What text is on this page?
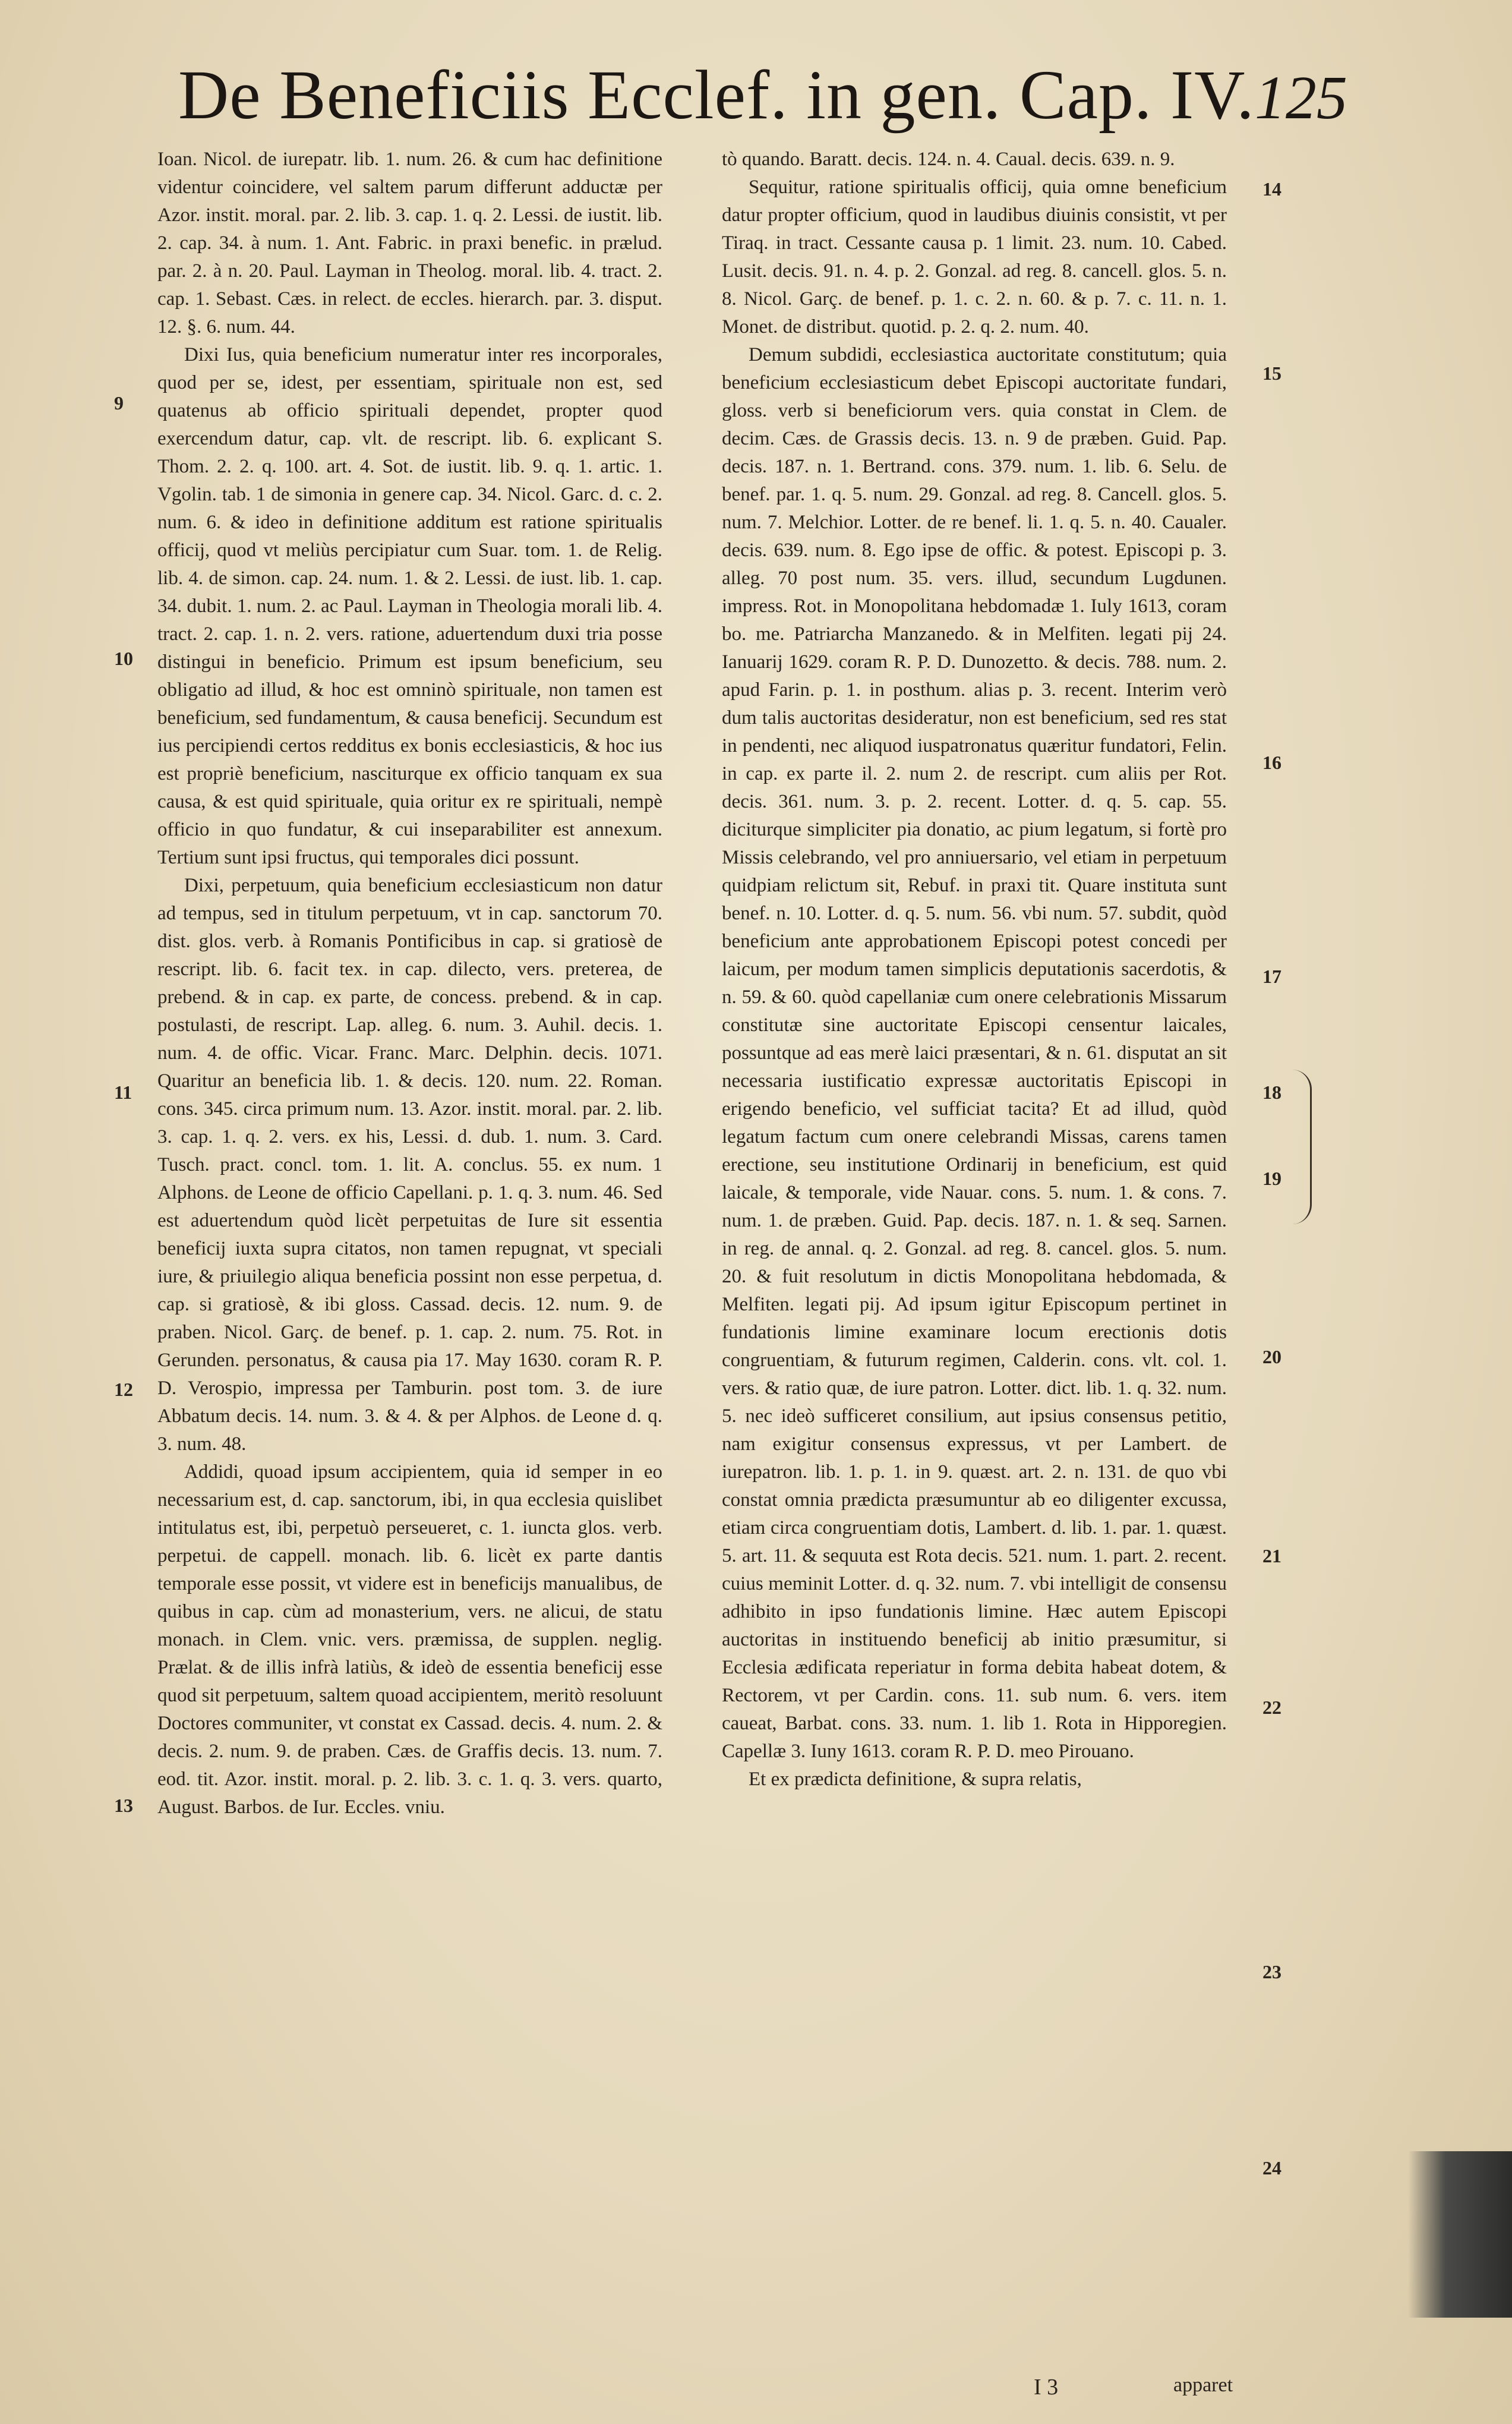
De Beneficiis Ecclef. in gen. Cap. IV. 125

Ioan. Nicol. de iurepatr. lib. 1. num. 26. & cum hac definitione videntur coincidere, vel saltem parum differunt adductæ per Azor. instit. moral. par. 2. lib. 3. cap. 1. q. 2. Lessi. de iustit. lib. 2. cap. 34. à num. 1. Ant. Fabric. in praxi benefic. in prælud. par. 2. à n. 20. Paul. Layman in Theolog. moral. lib. 4. tract. 2. cap. 1. Sebast. Cæs. in relect. de eccles. hierarch. par. 3. disput. 12. §. 6. num. 44.

Dixi Ius, quia beneficium numeratur inter res incorporales, quod per se, idest, per essentiam, spirituale non est, sed quatenus ab officio spirituali dependet, propter quod exercendum datur, cap. vlt. de rescript. lib. 6. explicant S. Thom. 2. 2. q. 100. art. 4. Sot. de iustit. lib. 9. q. 1. artic. 1. Vgolin. tab. 1 de simonia in genere cap. 34. Nicol. Garc. d. c. 2. num. 6. & ideo in definitione additum est ratione spiritualis officij, quod vt meliùs percipiatur cum Suar. tom. 1. de Relig. lib. 4. de simon. cap. 24. num. 1. & 2. Lessi. de iust. lib. 1. cap. 34. dubit. 1. num. 2. ac Paul. Layman in Theologia morali lib. 4. tract. 2. cap. 1. n. 2. vers. ratione, aduertendum duxi tria posse distingui in beneficio. Primum est ipsum beneficium, seu obligatio ad illud, & hoc est omninò spirituale, non tamen est beneficium, sed fundamentum, & causa beneficij. Secundum est ius percipiendi certos redditus ex bonis ecclesiasticis, & hoc ius est propriè beneficium, nasciturque ex officio tanquam ex sua causa, & est quid spirituale, quia oritur ex re spirituali, nempè officio in quo fundatur, & cui inseparabiliter est annexum. Tertium sunt ipsi fructus, qui temporales dici possunt.

Dixi, perpetuum, quia beneficium ecclesiasticum non datur ad tempus, sed in titulum perpetuum, vt in cap. sanctorum 70. dist. glos. verb. à Romanis Pontificibus in cap. si gratiosè de rescript. lib. 6. facit tex. in cap. dilecto, vers. preterea, de prebend. & in cap. ex parte, de concess. prebend. & in cap. postulasti, de rescript. Lap. alleg. 6. num. 3. Auhil. decis. 1. num. 4. de offic. Vicar. Franc. Marc. Delphin. decis. 1071. Quaritur an beneficia lib. 1. & decis. 120. num. 22. Roman. cons. 345. circa primum num. 13. Azor. instit. moral. par. 2. lib. 3. cap. 1. q. 2. vers. ex his, Lessi. d. dub. 1. num. 3. Card. Tusch. pract. concl. tom. 1. lit. A. conclus. 55. ex num. 1 Alphons. de Leone de officio Capellani. p. 1. q. 3. num. 46. Sed est aduertendum quòd licèt perpetuitas de Iure sit essentia beneficij iuxta supra citatos, non tamen repugnat, vt speciali iure, & priuilegio aliqua beneficia possint non esse perpetua, d. cap. si gratiosè, & ibi gloss. Cassad. decis. 12. num. 9. de praben. Nicol. Garç. de benef. p. 1. cap. 2. num. 75. Rot. in Gerunden. personatus, & causa pia 17. May 1630. coram R. P. D. Verospio, impressa per Tamburin. post tom. 3. de iure Abbatum decis. 14. num. 3. & 4. & per Alphos. de Leone d. q. 3. num. 48.

Addidi, quoad ipsum accipientem, quia id semper in eo necessarium est, d. cap. sanctorum, ibi, in qua ecclesia quislibet intitulatus est, ibi, perpetuò perseueret, c. 1. iuncta glos. verb. perpetui. de cappell. monach. lib. 6. licèt ex parte dantis temporale esse possit, vt videre est in beneficijs manualibus, de quibus in cap. cùm ad monasterium, vers. ne alicui, de statu monach. in Clem. vnic. vers. præmissa, de supplen. neglig. Prælat. & de illis infrà latiùs, & ideò de essentia beneficij esse quod sit perpetuum, saltem quoad accipientem, meritò resoluunt Doctores communiter, vt constat ex Cassad. decis. 4. num. 2. & decis. 2. num. 9. de praben. Cæs. de Graffis decis. 13. num. 7. eod. tit. Azor. instit. moral. p. 2. lib. 3. c. 1. q. 3. vers. quarto, August. Barbos. de Iur. Eccles. vniu.

tò quando. Baratt. decis. 124. n. 4. Caual. decis. 639. n. 9.

Sequitur, ratione spiritualis officij, quia omne beneficium datur propter officium, quod in laudibus diuinis consistit, vt per Tiraq. in tract. Cessante causa p. 1 limit. 23. num. 10. Cabed. Lusit. decis. 91. n. 4. p. 2. Gonzal. ad reg. 8. cancell. glos. 5. n. 8. Nicol. Garç. de benef. p. 1. c. 2. n. 60. & p. 7. c. 11. n. 1. Monet. de distribut. quotid. p. 2. q. 2. num. 40.

Demum subdidi, ecclesiastica auctoritate constitutum; quia beneficium ecclesiasticum debet Episcopi auctoritate fundari, gloss. verb si beneficiorum vers. quia constat in Clem. de decim. Cæs. de Grassis decis. 13. n. 9 de præben. Guid. Pap. decis. 187. n. 1. Bertrand. cons. 379. num. 1. lib. 6. Selu. de benef. par. 1. q. 5. num. 29. Gonzal. ad reg. 8. Cancell. glos. 5. num. 7. Melchior. Lotter. de re benef. li. 1. q. 5. n. 40. Caualer. decis. 639. num. 8. Ego ipse de offic. & potest. Episcopi p. 3. alleg. 70 post num. 35. vers. illud, secundum Lugdunen. impress. Rot. in Monopolitana hebdomadæ 1. Iuly 1613, coram bo. me. Patriarcha Manzanedo. & in Melfiten. legati pij 24. Ianuarij 1629. coram R. P. D. Dunozetto. & decis. 788. num. 2. apud Farin. p. 1. in posthum. alias p. 3. recent. Interim verò dum talis auctoritas desideratur, non est beneficium, sed res stat in pendenti, nec aliquod iuspatronatus quæritur fundatori, Felin. in cap. ex parte il. 2. num 2. de rescript. cum aliis per Rot. decis. 361. num. 3. p. 2. recent. Lotter. d. q. 5. cap. 55. diciturque simpliciter pia donatio, ac pium legatum, si fortè pro Missis celebrando, vel pro anniuersario, vel etiam in perpetuum quidpiam relictum sit, Rebuf. in praxi tit. Quare instituta sunt benef. n. 10. Lotter. d. q. 5. num. 56. vbi num. 57. subdit, quòd beneficium ante approbationem Episcopi potest concedi per laicum, per modum tamen simplicis deputationis sacerdotis, & n. 59. & 60. quòd capellaniæ cum onere celebrationis Missarum constitutæ sine auctoritate Episcopi censentur laicales, possuntque ad eas merè laici præsentari, & n. 61. disputat an sit necessaria iustificatio expressæ auctoritatis Episcopi in erigendo beneficio, vel sufficiat tacita? Et ad illud, quòd legatum factum cum onere celebrandi Missas, carens tamen erectione, seu institutione Ordinarij in beneficium, est quid laicale, & temporale, vide Nauar. cons. 5. num. 1. & cons. 7. num. 1. de præben. Guid. Pap. decis. 187. n. 1. & seq. Sarnen. in reg. de annal. q. 2. Gonzal. ad reg. 8. cancel. glos. 5. num. 20. & fuit resolutum in dictis Monopolitana hebdomada, & Melfiten. legati pij. Ad ipsum igitur Episcopum pertinet in fundationis limine examinare locum erectionis dotis congruentiam, & futurum regimen, Calderin. cons. vlt. col. 1. vers. & ratio quæ, de iure patron. Lotter. dict. lib. 1. q. 32. num. 5. nec ideò sufficeret consilium, aut ipsius consensus petitio, nam exigitur consensus expressus, vt per Lambert. de iurepatron. lib. 1. p. 1. in 9. quæst. art. 2. n. 131. de quo vbi constat omnia prædicta præsumuntur ab eo diligenter excussa, etiam circa congruentiam dotis, Lambert. d. lib. 1. par. 1. quæst. 5. art. 11. & sequuta est Rota decis. 521. num. 1. part. 2. recent. cuius meminit Lotter. d. q. 32. num. 7. vbi intelligit de consensu adhibito in ipso fundationis limine. Hæc autem Episcopi auctoritas in instituendo beneficij ab initio præsumitur, si Ecclesia ædificata reperiatur in forma debita habeat dotem, & Rectorem, vt per Cardin. cons. 11. sub num. 6. vers. item caueat, Barbat. cons. 33. num. 1. lib 1. Rota in Hipporegien. Capellæ 3. Iuny 1613. coram R. P. D. meo Pirouano.

Et ex prædicta definitione, & supra relatis,

9
10
11
12
13
14
15
16
17
18
19
20
21
22
23
24
I 3	apparet
